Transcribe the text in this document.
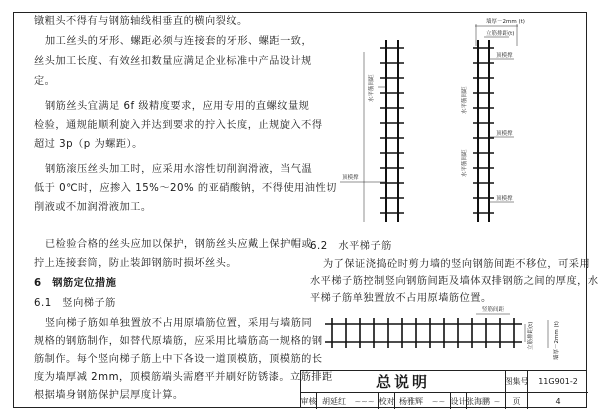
镦粗头不得有与钢筋轴线相垂直的横向裂纹。
加工丝头的牙形、螺距必须与连接套的牙形、螺距一致，
丝头加工长度、有效丝扣数量应满足企业标准中产品设计规
定。
钢筋丝头宜满足 6f 级精度要求，应用专用的直螺纹量规
检验，通规能顺利旋入并达到要求的拧入长度，止规旋入不得
超过 3p（p 为螺距）。
钢筋滚压丝头加工时，应采用水溶性切削润滑液，当气温
低于 0℃时，应掺入 15%～20% 的亚硝酸钠，不得使用油性切
削液或不加润滑液加工。
已检验合格的丝头应加以保护，钢筋丝头应戴上保护帽或
拧上连接套筒，防止装卸钢筋时损坏丝头。
6　钢筋定位措施
6.1　竖向梯子筋
竖向梯子筋如单独置放不占用原墙筋位置，采用与墙筋同
规格的钢筋制作，如替代原墙筋，应采用比墙筋高一规格的钢
筋制作。每个竖向梯子筋上中下各设一道顶模筋，顶模筋的长
度为墙厚减 2mm，顶模筋端头需磨平并刷好防锈漆。立筋排距
根据墙身钢筋保护层厚度计算。
6.2　水平梯子筋
为了保证浇捣砼时剪力墙的竖向钢筋间距不移位，可采用
水平梯子筋控制竖向钢筋间距及墙体双排钢筋之间的厚度，水
平梯子筋单独置放不占用原墙筋位置。
墙厚－2mm (t)
立筋排距(t)
水平筋间距
顶模撑
水平筋间距
水平筋间距
顶模撑
顶模撑
顶模撑
竖筋间距
立筋排距(t)	墙厚－2mm (t)
总说明	图集号	11G901-2
审核 胡延红	~~~ 校对 杨雅辉	~~ 设计 张海鹏 ~	页	4
